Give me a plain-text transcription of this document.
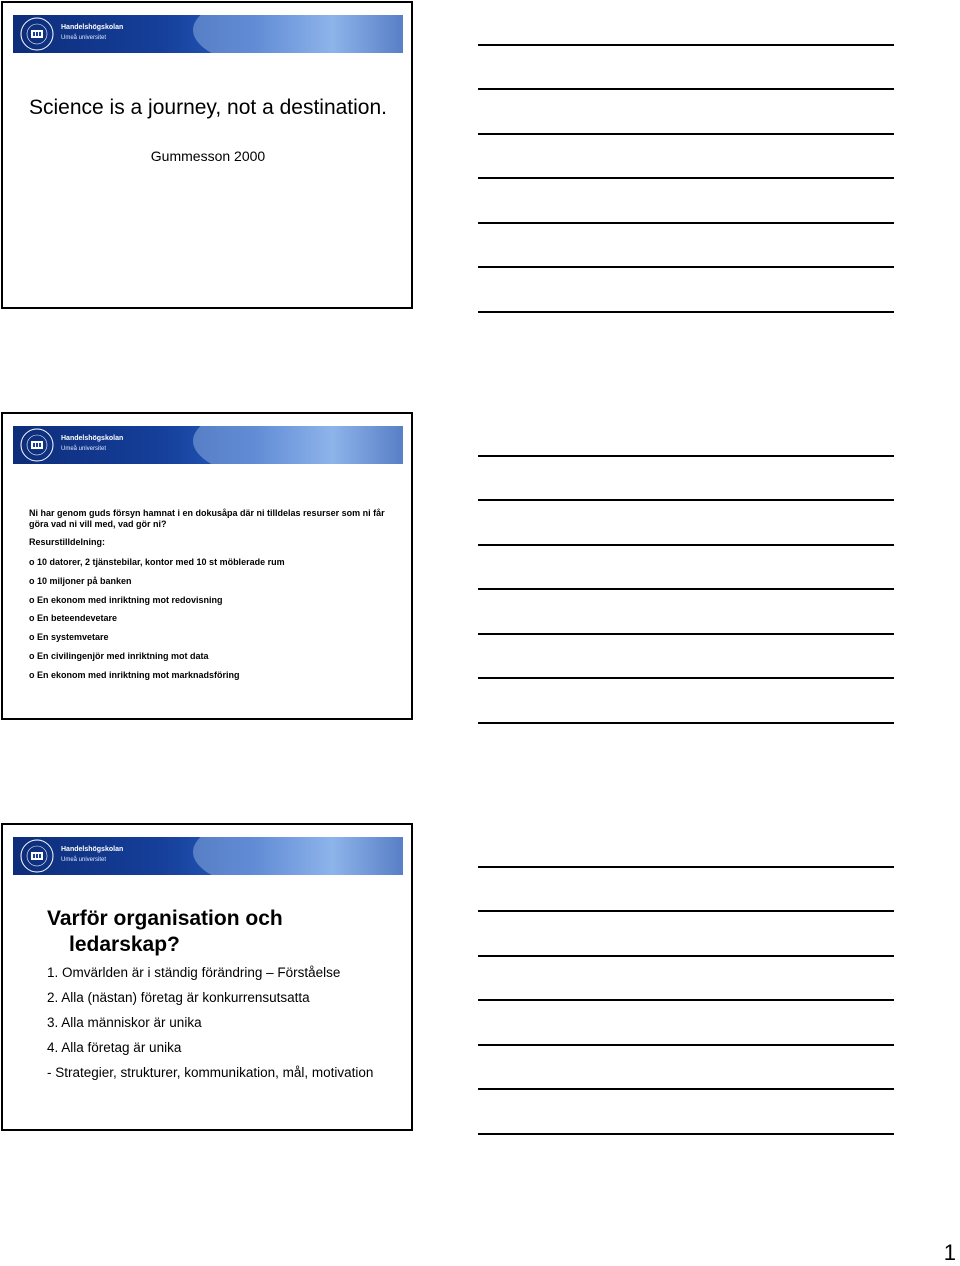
Handelshögskolan
Umeå universitet
Science is a journey, not a destination.
Gummesson 2000
Handelshögskolan
Umeå universitet
Ni har genom guds försyn hamnat i en dokusåpa där ni tilldelas resurser som ni får göra vad ni vill med, vad gör ni?
Resurstilldelning:
o 10 datorer, 2 tjänstebilar, kontor med 10 st möblerade rum
o 10 miljoner på banken
o En ekonom med inriktning mot redovisning
o En beteendevetare
o En systemvetare
o En civilingenjör med inriktning mot data
o En ekonom med inriktning mot marknadsföring
Handelshögskolan
Umeå universitet
Varför organisation och
ledarskap?
1. Omvärlden är i ständig förändring – Förståelse
2. Alla (nästan) företag är konkurrensutsatta
3. Alla människor är unika
4. Alla företag är unika
- Strategier, strukturer, kommunikation, mål, motivation
1
